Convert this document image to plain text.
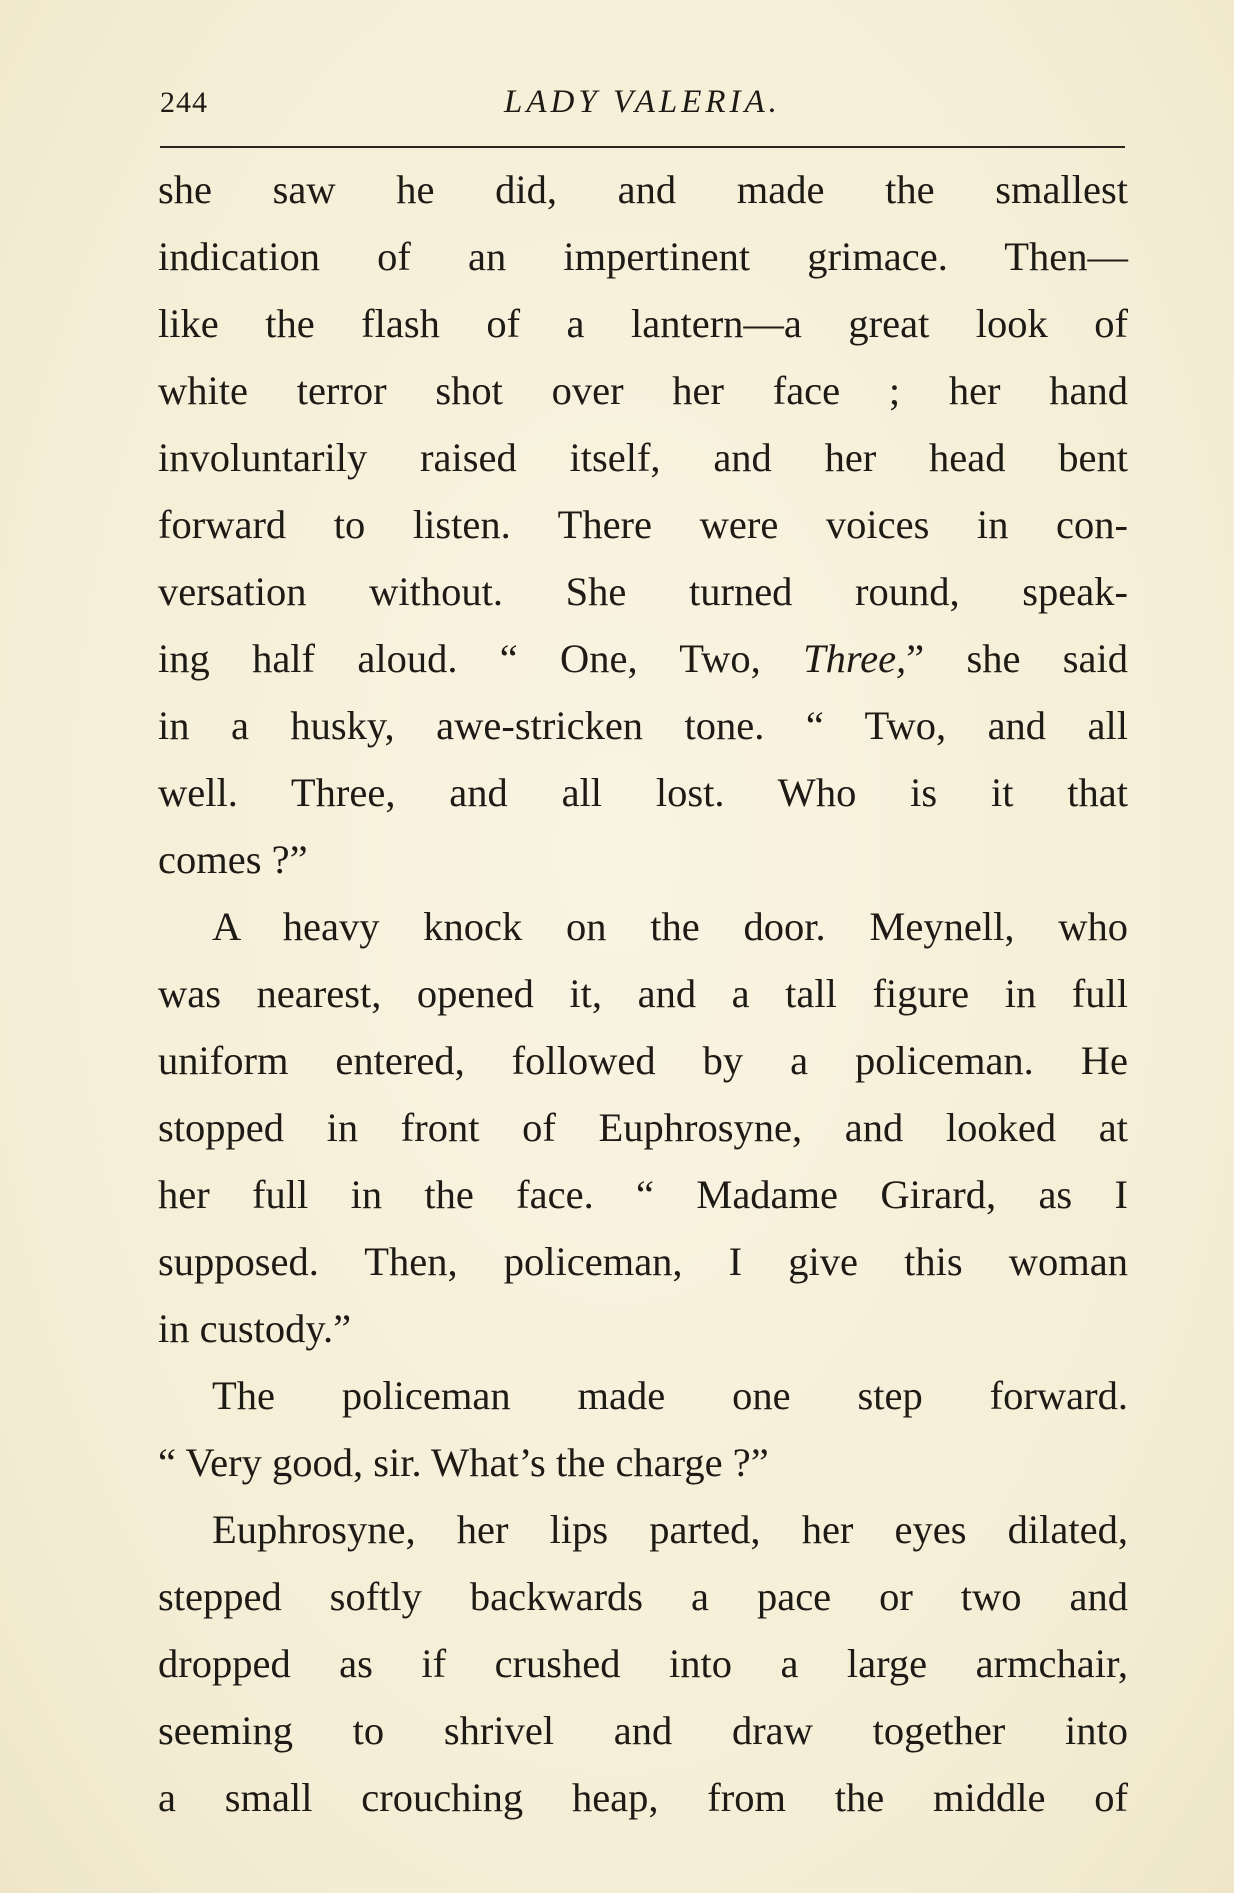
244	LADY VALERIA.
she saw he did, and made the smallest
indication of an impertinent grimace. Then—
like the flash of a lantern—a great look of
white terror shot over her face ; her hand
involuntarily raised itself, and her head bent
forward to listen. There were voices in con-
versation without. She turned round, speak-
ing half aloud. “ One, Two, Three,” she said
in a husky, awe-stricken tone. “ Two, and all
well. Three, and all lost. Who is it that
comes ?”
A heavy knock on the door. Meynell, who
was nearest, opened it, and a tall figure in full
uniform entered, followed by a policeman. He
stopped in front of Euphrosyne, and looked at
her full in the face. “ Madame Girard, as I
supposed. Then, policeman, I give this woman
in custody.”
The policeman made one step forward.
“ Very good, sir. What’s the charge ?”
Euphrosyne, her lips parted, her eyes dilated,
stepped softly backwards a pace or two and
dropped as if crushed into a large armchair,
seeming to shrivel and draw together into
a small crouching heap, from the middle of
